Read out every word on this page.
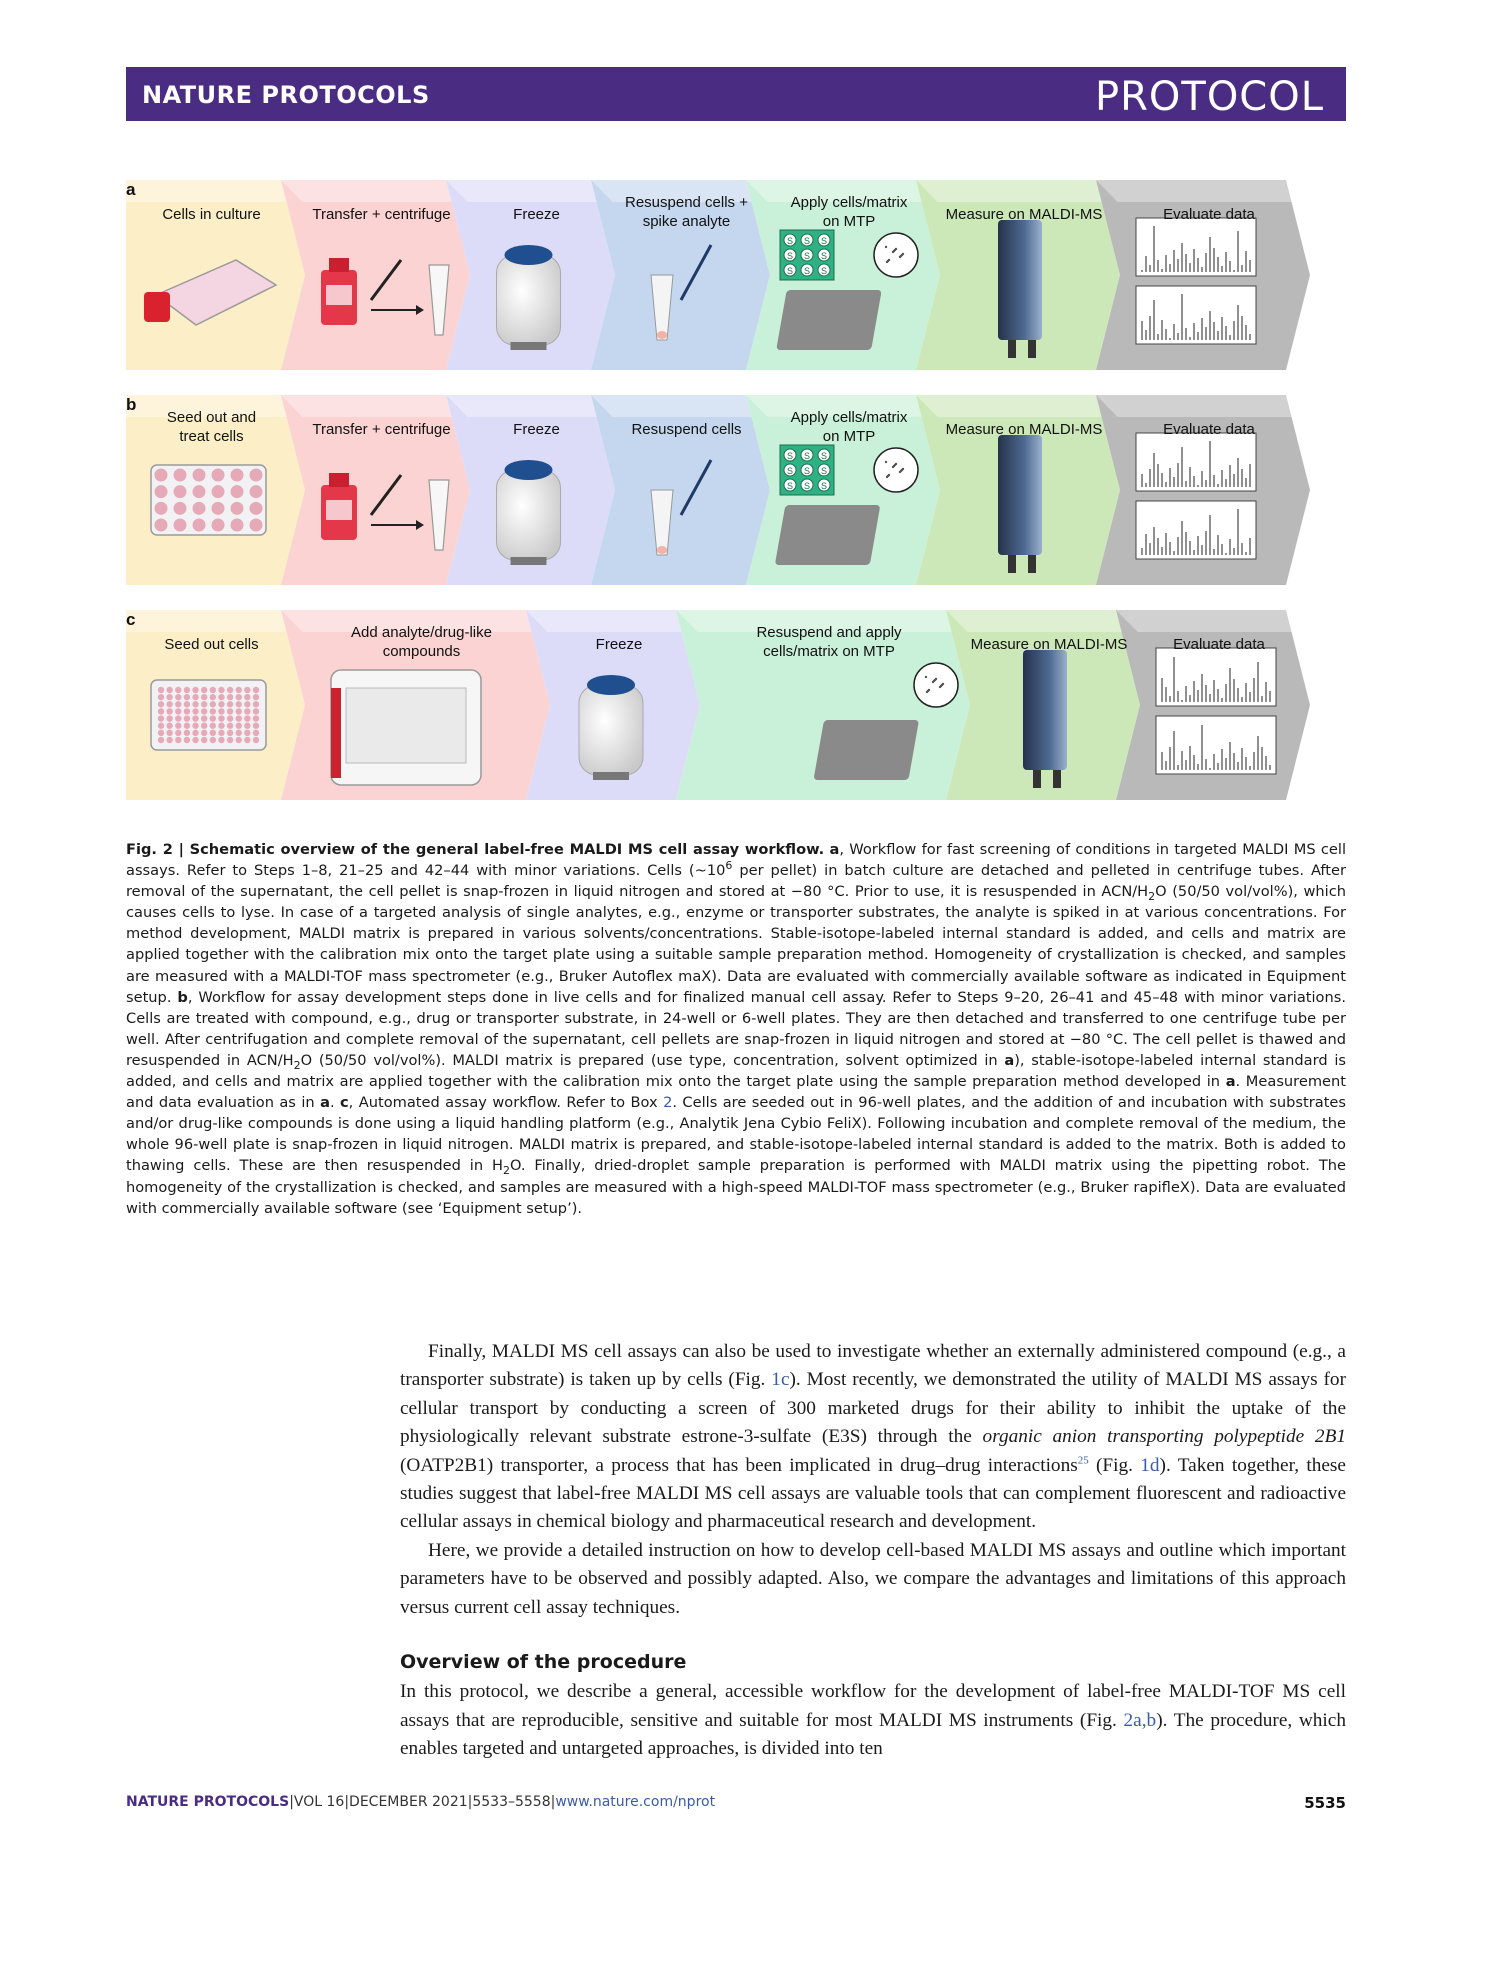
NATURE PROTOCOLS	PROTOCOL
S S S
S S S
S S S
S S S
S S S
S S S
a
Cells in culture	Transfer + centrifuge	Freeze
Resuspend cells +
spike analyte
Apply cells/matrix
on MTP	Measure on MALDI-MS	Evaluate data
b
Seed out and
treat cells	Transfer + centrifuge	Freeze	Resuspend cells
Apply cells/matrix
on MTP	Measure on MALDI-MS	Evaluate data
c
Seed out cells
Add analyte/drug-like
compounds	Freeze
Resuspend and apply
cells/matrix on MTP	Measure on MALDI-MS	Evaluate data
Fig. 2 | Schematic overview of the general label-free MALDI MS cell assay workflow. a, Workflow for fast screening of conditions in targeted MALDI MS cell assays. Refer to Steps 1–8, 21–25 and 42–44 with minor variations. Cells ($\sim 10^6$ per pellet) in batch culture are detached and pelleted in centrifuge tubes. After removal of the supernatant, the cell pellet is snap-frozen in liquid nitrogen and stored at −80 °C. Prior to use, it is resuspended in ACN/$H_2O$ (50/50 vol/vol%), which causes cells to lyse. In case of a targeted analysis of single analytes, e.g., enzyme or transporter substrates, the analyte is spiked in at various concentrations. For method development, MALDI matrix is prepared in various solvents/concentrations. Stable-isotope-labeled internal standard is added, and cells and matrix are applied together with the calibration mix onto the target plate using a suitable sample preparation method. Homogeneity of crystallization is checked, and samples are measured with a MALDI-TOF mass spectrometer (e.g., Bruker Autoflex maX). Data are evaluated with commercially available software as indicated in Equipment setup. b, Workflow for assay development steps done in live cells and for finalized manual cell assay. Refer to Steps 9–20, 26–41 and 45–48 with minor variations. Cells are treated with compound, e.g., drug or transporter substrate, in 24-well or 6-well plates. They are then detached and transferred to one centrifuge tube per well. After centrifugation and complete removal of the supernatant, cell pellets are snap-frozen in liquid nitrogen and stored at −80 °C. The cell pellet is thawed and resuspended in ACN/$H_2O$ (50/50 vol/vol%). MALDI matrix is prepared (use type, concentration, solvent optimized in a), stable-isotope-labeled internal standard is added, and cells and matrix are applied together with the calibration mix onto the target plate using the sample preparation method developed in a. Measurement and data evaluation as in a. c, Automated assay workflow. Refer to Box 2. Cells are seeded out in 96-well plates, and the addition of and incubation with substrates and/or drug-like compounds is done using a liquid handling platform (e.g., Analytik Jena Cybio FeliX). Following incubation and complete removal of the medium, the whole 96-well plate is snap-frozen in liquid nitrogen. MALDI matrix is prepared, and stable-isotope-labeled internal standard is added to the matrix. Both is added to thawing cells. These are then resuspended in $H_2O$. Finally, dried-droplet sample preparation is performed with MALDI matrix using the pipetting robot. The homogeneity of the crystallization is checked, and samples are measured with a high-speed MALDI-TOF mass spectrometer (e.g., Bruker rapifleX). Data are evaluated with commercially available software (see ‘Equipment setup’).

Finally, MALDI MS cell assays can also be used to investigate whether an externally administered compound (e.g., a transporter substrate) is taken up by cells (Fig. 1c). Most recently, we demonstrated the utility of MALDI MS assays for cellular transport by conducting a screen of 300 marketed drugs for their ability to inhibit the uptake of the physiologically relevant substrate estrone-3-sulfate (E3S) through the organic anion transporting polypeptide 2B1 (OATP2B1) transporter, a process that has been implicated in drug–drug interactions$^{25}$ (Fig. 1d). Taken together, these studies suggest that label-free MALDI MS cell assays are valuable tools that can complement fluorescent and radioactive cellular assays in chemical biology and pharmaceutical research and development.

Here, we provide a detailed instruction on how to develop cell-based MALDI MS assays and outline which important parameters have to be observed and possibly adapted. Also, we compare the advantages and limitations of this approach versus current cell assay techniques.

Overview of the procedure

In this protocol, we describe a general, accessible workflow for the development of label-free MALDI-TOF MS cell assays that are reproducible, sensitive and suitable for most MALDI MS instruments (Fig. 2a,b). The procedure, which enables targeted and untargeted approaches, is divided into ten

NATURE PROTOCOLS|VOL 16|DECEMBER 2021|5533–5558|www.nature.com/nprot	5535
